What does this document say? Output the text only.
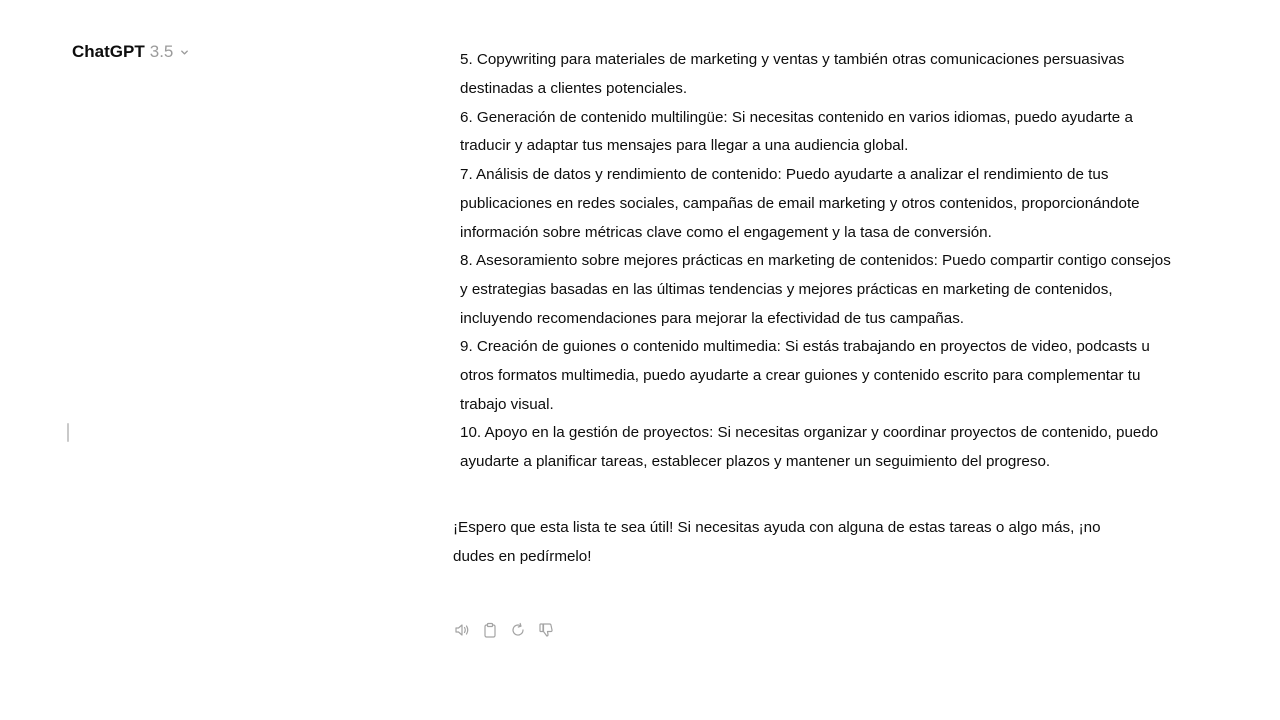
ChatGPT 3.5	5. Copywriting para materiales de marketing y ventas y también otras comunicaciones persuasivas
destinadas a clientes potenciales.
6. Generación de contenido multilingüe: Si necesitas contenido en varios idiomas, puedo ayudarte a traducir y adaptar tus mensajes para llegar a una audiencia global.
7. Análisis de datos y rendimiento de contenido: Puedo ayudarte a analizar el rendimiento de tus publicaciones en redes sociales, campañas de email marketing y otros contenidos, proporcionándote información sobre métricas clave como el engagement y la tasa de conversión.
8. Asesoramiento sobre mejores prácticas en marketing de contenidos: Puedo compartir contigo consejos y estrategias basadas en las últimas tendencias y mejores prácticas en marketing de contenidos, incluyendo recomendaciones para mejorar la efectividad de tus campañas.
9. Creación de guiones o contenido multimedia: Si estás trabajando en proyectos de video, podcasts u otros formatos multimedia, puedo ayudarte a crear guiones y contenido escrito para complementar tu trabajo visual.
10. Apoyo en la gestión de proyectos: Si necesitas organizar y coordinar proyectos de contenido, puedo ayudarte a planificar tareas, establecer plazos y mantener un seguimiento del progreso.

¡Espero que esta lista te sea útil! Si necesitas ayuda con alguna de estas tareas o algo más, ¡no dudes en pedírmelo!
